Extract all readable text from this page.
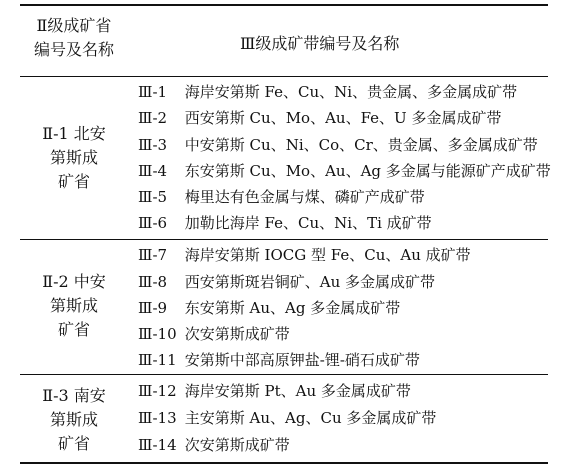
Ⅱ级成矿省
编号及名称	Ⅲ级成矿带编号及名称
Ⅱ-1 北安
第斯成
矿省
Ⅲ-1 海岸安第斯 Fe、Cu、Ni、贵金属、多金属成矿带
Ⅲ-2 西安第斯 Cu、Mo、Au、Fe、U 多金属成矿带
Ⅲ-3 中安第斯 Cu、Ni、Co、Cr、贵金属、多金属成矿带
Ⅲ-4 东安第斯 Cu、Mo、Au、Ag 多金属与能源矿产成矿带
Ⅲ-5 梅里达有色金属与煤、磷矿产成矿带
Ⅲ-6 加勒比海岸 Fe、Cu、Ni、Ti 成矿带
Ⅱ-2 中安
第斯成
矿省
Ⅲ-7 海岸安第斯 IOCG 型 Fe、Cu、Au 成矿带
Ⅲ-8 西安第斯斑岩铜矿、Au 多金属成矿带
Ⅲ-9 东安第斯 Au、Ag 多金属成矿带
Ⅲ-10 次安第斯成矿带
Ⅲ-11 安第斯中部高原钾盐-锂-硝石成矿带
Ⅱ-3 南安
第斯成
矿省
Ⅲ-12 海岸安第斯 Pt、Au 多金属成矿带
Ⅲ-13 主安第斯 Au、Ag、Cu 多金属成矿带
Ⅲ-14 次安第斯成矿带
